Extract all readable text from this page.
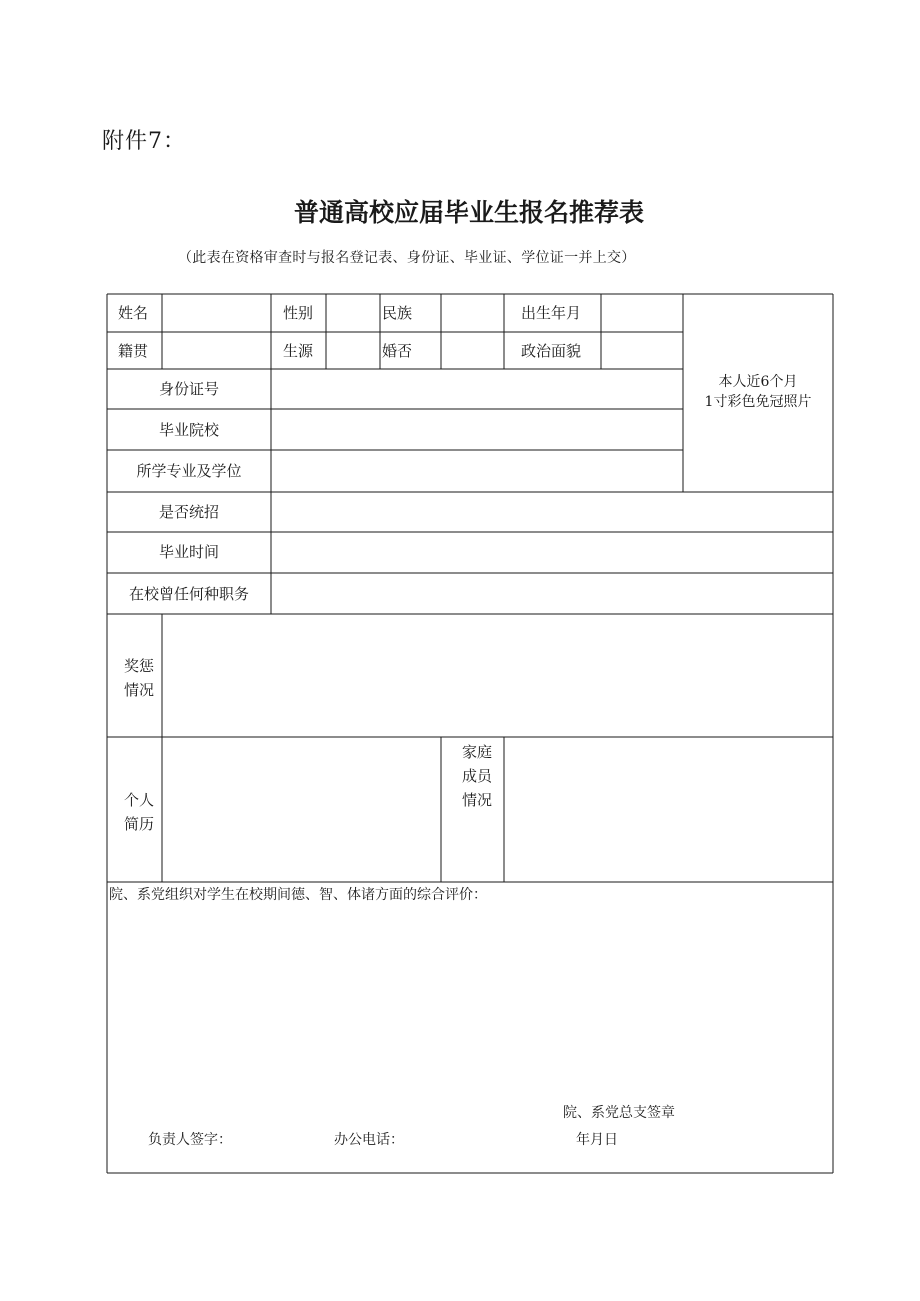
附件7：
普通高校应届毕业生报名推荐表
（此表在资格审查时与报名登记表、身份证、毕业证、学位证一并上交）
姓名	性别	民族	出生年月
籍贯	生源	婚否	政治面貌
本人近6个月
1寸彩色免冠照片
身份证号
毕业院校
所学专业及学位
是否统招
毕业时间
在校曾任何种职务
奖惩情况
个人简历
家庭成员情况
院、系党组织对学生在校期间德、智、体诸方面的综合评价：
院、系党总支签章
负责人签字：	办公电话：	年月日
